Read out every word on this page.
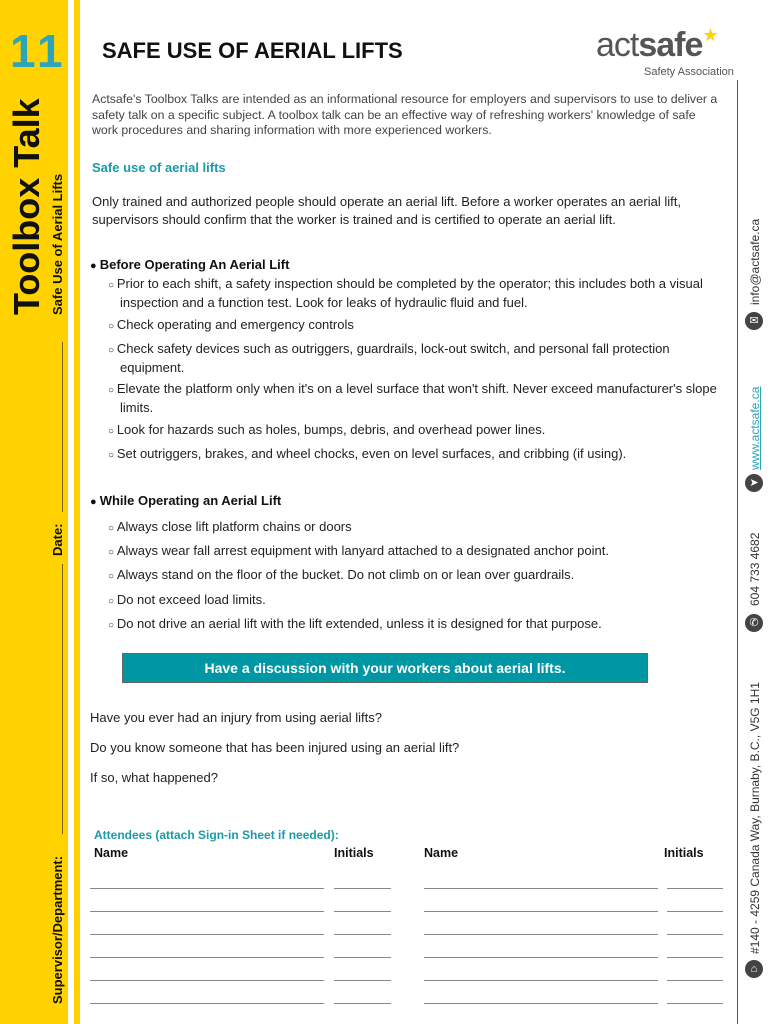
11
Toolbox Talk Safe Use of Aerial Lifts
Date:
Supervisor/Department:
SAFE USE OF AERIAL LIFTS	actsafe★
Safety Association
⌂
#140 - 4259 Canada Way, Burnaby, B.C., V5G 1H1
✆
604 733 4682
➤
www.actsafe.ca
✉
info@actsafe.ca
Actsafe's Toolbox Talks are intended as an informational resource for employers and supervisors to use to deliver a safety talk on a specific subject. A toolbox talk can be an effective way of refreshing workers' knowledge of safe work procedures and sharing information with more experienced workers.
Safe use of aerial lifts
Only trained and authorized people should operate an aerial lift. Before a worker operates an aerial lift, supervisors should confirm that the worker is trained and is certified to operate an aerial lift.
● Before Operating An Aerial Lift
○ Prior to each shift, a safety inspection should be completed by the operator; this includes both a visual inspection and a function test. Look for leaks of hydraulic fluid and fuel.
○ Check operating and emergency controls
○ Check safety devices such as outriggers, guardrails, lock-out switch, and personal fall protection equipment.
○ Elevate the platform only when it's on a level surface that won't shift. Never exceed manufacturer's slope limits.
○ Look for hazards such as holes, bumps, debris, and overhead power lines.
○ Set outriggers, brakes, and wheel chocks, even on level surfaces, and cribbing (if using).
● While Operating an Aerial Lift
○ Always close lift platform chains or doors
○ Always wear fall arrest equipment with lanyard attached to a designated anchor point.
○ Always stand on the floor of the bucket. Do not climb on or lean over guardrails.
○ Do not exceed load limits.
○ Do not drive an aerial lift with the lift extended, unless it is designed for that purpose.
Have a discussion with your workers about aerial lifts.
Have you ever had an injury from using aerial lifts?
Do you know someone that has been injured using an aerial lift?
If so, what happened?
Attendees (attach Sign-in Sheet if needed):
Name	Initials	Name	Initials
